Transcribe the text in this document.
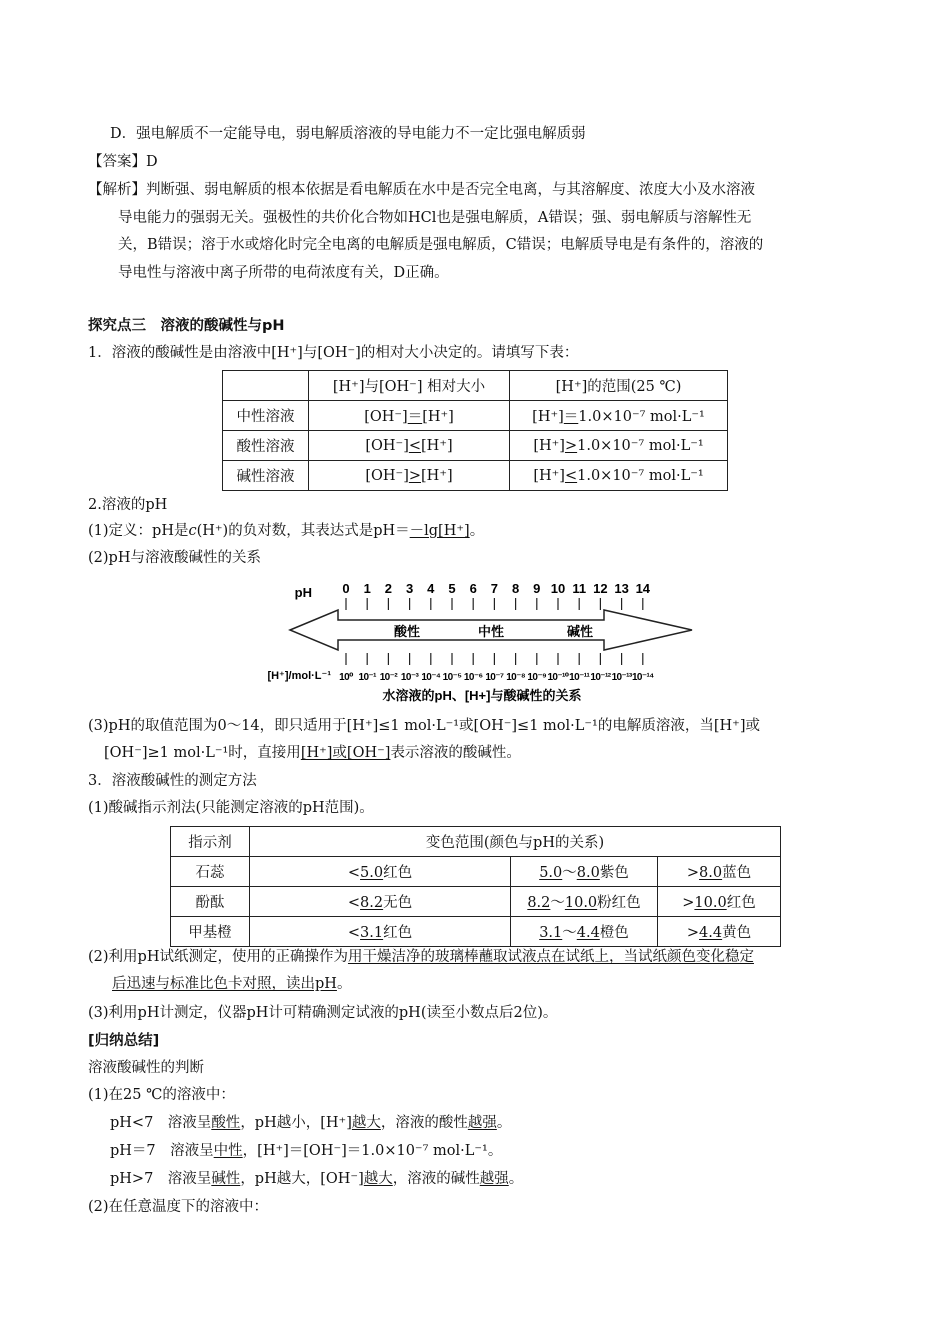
D．强电解质不一定能导电，弱电解质溶液的导电能力不一定比强电解质弱
【答案】D
【解析】判断强、弱电解质的根本依据是看电解质在水中是否完全电离，与其溶解度、浓度大小及水溶液
导电能力的强弱无关。强极性的共价化合物如HCl也是强电解质，A错误；强、弱电解质与溶解性无
关，B错误；溶于水或熔化时完全电离的电解质是强电解质，C错误；电解质导电是有条件的，溶液的
导电性与溶液中离子所带的电荷浓度有关，D正确。
探究点三　溶液的酸碱性与pH
1．溶液的酸碱性是由溶液中[H⁺]与[OH⁻]的相对大小决定的。请填写下表：
	[H⁺]与[OH⁻] 相对大小	[H⁺]的范围(25 ℃)
中性溶液	[OH⁻]＝[H⁺]	[H⁺]＝1.0×10⁻⁷ mol·L⁻¹
酸性溶液	[OH⁻]<[H⁺]	[H⁺]>1.0×10⁻⁷ mol·L⁻¹
碱性溶液	[OH⁻]>[H⁺]	[H⁺]<1.0×10⁻⁷ mol·L⁻¹
2.溶液的pH
(1)定义：pH是c(H⁺)的负对数，其表达式是pH＝－lg[H⁺]。
(2)pH与溶液酸碱性的关系
pH 0 1 2 3 4 5 6 7 8 9 10 11 12 13 14
酸性	中性	碱性
10⁰ 10⁻¹ 10⁻² 10⁻³ 10⁻⁴ 10⁻⁵ 10⁻⁶ 10⁻⁷ 10⁻⁸ 10⁻⁹ 10⁻¹⁰ 10⁻¹¹ 10⁻¹² 10⁻¹³ 10⁻¹⁴
[H⁺]/mol·L⁻¹
水溶液的pH、[H+]与酸碱性的关系
(3)pH的取值范围为0～14，即只适用于[H⁺]≤1 mol·L⁻¹或[OH⁻]≤1 mol·L⁻¹的电解质溶液，当[H⁺]或
[OH⁻]≥1 mol·L⁻¹时，直接用[H⁺]或[OH⁻]表示溶液的酸碱性。
3．溶液酸碱性的测定方法
(1)酸碱指示剂法(只能测定溶液的pH范围)。
指示剂	变色范围(颜色与pH的关系)		
石蕊	<5.0红色	5.0～8.0紫色	>8.0蓝色
酚酞	<8.2无色	8.2～10.0粉红色	>10.0红色
甲基橙	<3.1红色	3.1～4.4橙色	>4.4黄色
(2)利用pH试纸测定，使用的正确操作为用干燥洁净的玻璃棒蘸取试液点在试纸上，当试纸颜色变化稳定
后迅速与标准比色卡对照，读出pH。
(3)利用pH计测定，仪器pH计可精确测定试液的pH(读至小数点后2位)。
[归纳总结]
溶液酸碱性的判断
(1)在25 ℃的溶液中：
pH<7　溶液呈酸性，pH越小，[H⁺]越大，溶液的酸性越强。
pH＝7　溶液呈中性，[H⁺]＝[OH⁻]＝1.0×10⁻⁷ mol·L⁻¹。
pH>7　溶液呈碱性，pH越大，[OH⁻]越大，溶液的碱性越强。
(2)在任意温度下的溶液中：
